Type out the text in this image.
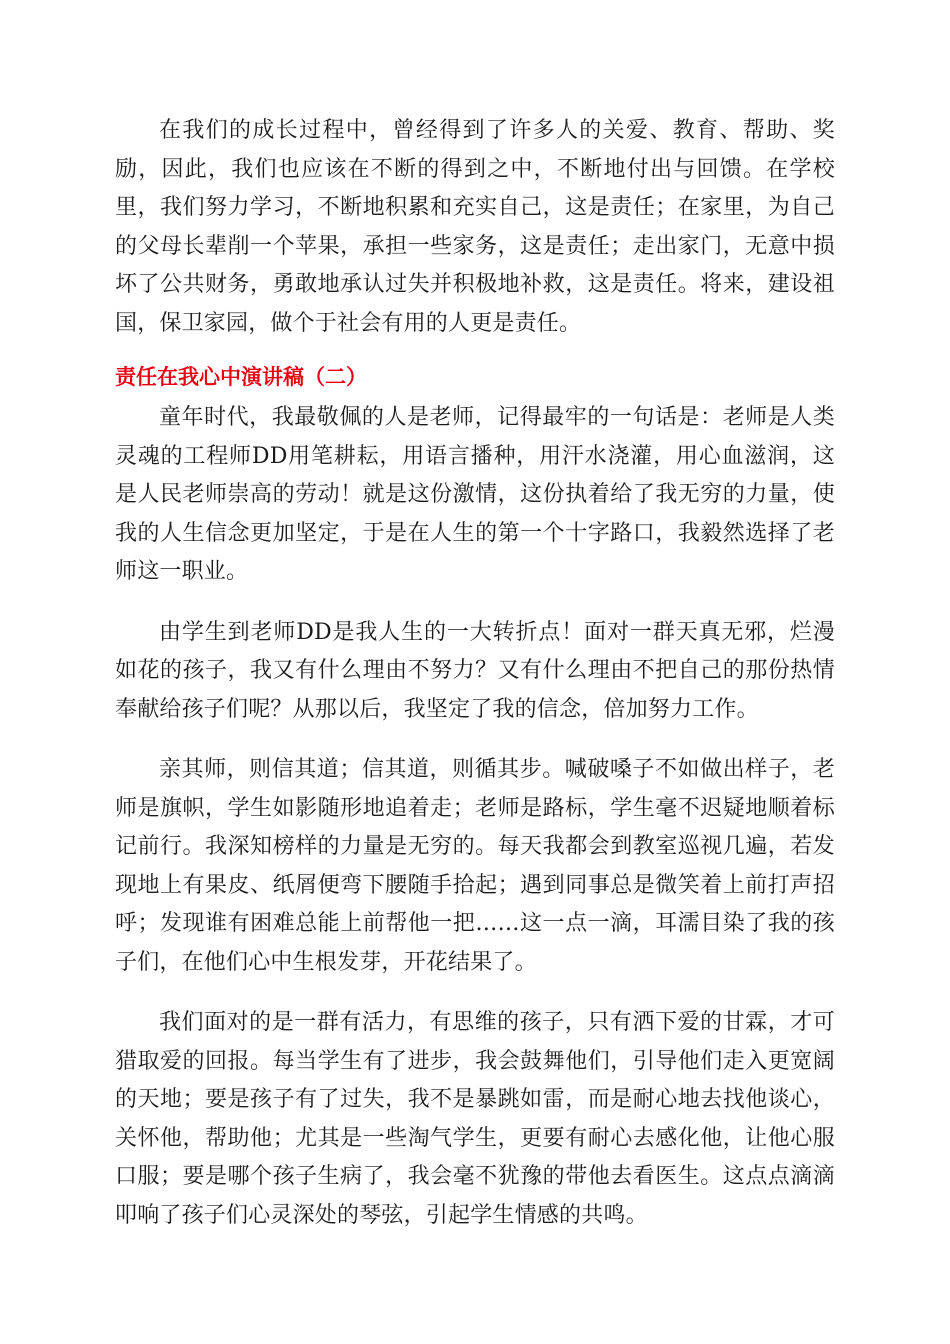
在我们的成长过程中，曾经得到了许多人的关爱、教育、帮助、奖励，因此，我们也应该在不断的得到之中，不断地付出与回馈。在学校里，我们努力学习，不断地积累和充实自己，这是责任；在家里，为自己的父母长辈削一个苹果，承担一些家务，这是责任；走出家门，无意中损坏了公共财务，勇敢地承认过失并积极地补救，这是责任。将来，建设祖国，保卫家园，做个于社会有用的人更是责任。

责任在我心中演讲稿（二）

童年时代，我最敬佩的人是老师，记得最牢的一句话是：老师是人类灵魂的工程师DD用笔耕耘，用语言播种，用汗水浇灌，用心血滋润，这是人民老师崇高的劳动！就是这份激情，这份执着给了我无穷的力量，使我的人生信念更加坚定，于是在人生的第一个十字路口，我毅然选择了老师这一职业。

由学生到老师DD是我人生的一大转折点！面对一群天真无邪，烂漫如花的孩子，我又有什么理由不努力？又有什么理由不把自己的那份热情奉献给孩子们呢？从那以后，我坚定了我的信念，倍加努力工作。

亲其师，则信其道；信其道，则循其步。喊破嗓子不如做出样子，老师是旗帜，学生如影随形地追着走；老师是路标，学生毫不迟疑地顺着标记前行。我深知榜样的力量是无穷的。每天我都会到教室巡视几遍，若发现地上有果皮、纸屑便弯下腰随手拾起；遇到同事总是微笑着上前打声招呼；发现谁有困难总能上前帮他一把……这一点一滴，耳濡目染了我的孩子们，在他们心中生根发芽，开花结果了。

我们面对的是一群有活力，有思维的孩子，只有洒下爱的甘霖，才可猎取爱的回报。每当学生有了进步，我会鼓舞他们，引导他们走入更宽阔的天地；要是孩子有了过失，我不是暴跳如雷，而是耐心地去找他谈心，关怀他，帮助他；尤其是一些淘气学生，更要有耐心去感化他，让他心服口服；要是哪个孩子生病了，我会毫不犹豫的带他去看医生。这点点滴滴叩响了孩子们心灵深处的琴弦，引起学生情感的共鸣。
